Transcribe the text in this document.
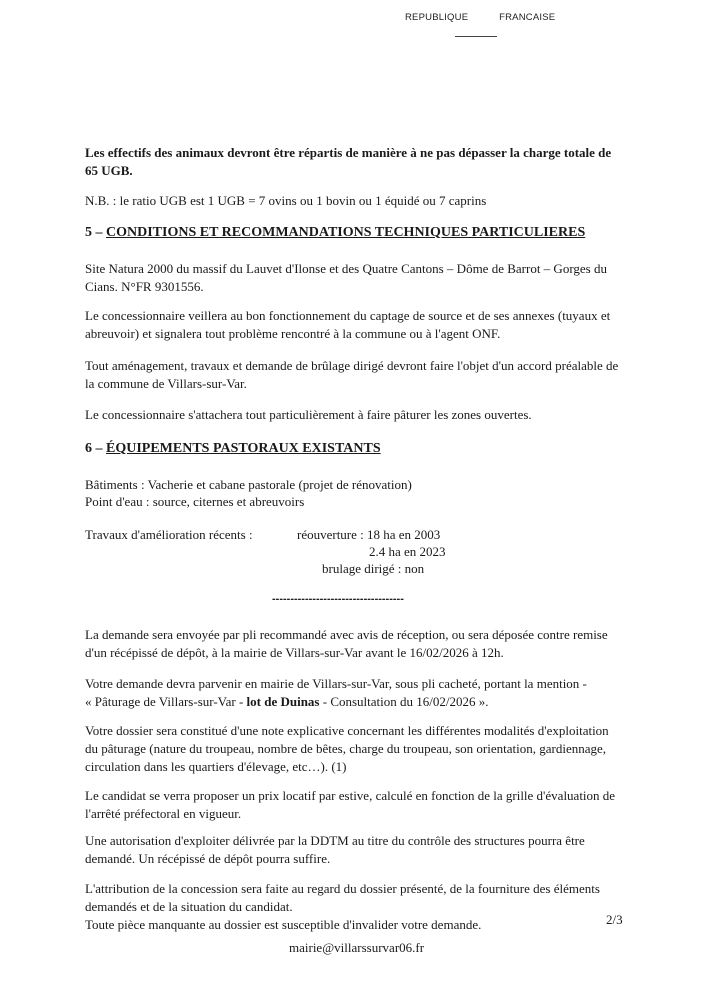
REPUBLIQUE	FRANCAISE

Les effectifs des animaux devront être répartis de manière à ne pas dépasser la charge totale de 65 UGB.

N.B. : le ratio UGB est 1 UGB = 7 ovins ou 1 bovin ou 1 équidé ou 7 caprins

5 – CONDITIONS ET RECOMMANDATIONS TECHNIQUES PARTICULIERES

Site Natura 2000 du massif du Lauvet d'Ilonse et des Quatre Cantons – Dôme de Barrot – Gorges du Cians. N°FR 9301556.

Le concessionnaire veillera au bon fonctionnement du captage de source et de ses annexes (tuyaux et abreuvoir) et signalera tout problème rencontré à la commune ou à l'agent ONF.

Tout aménagement, travaux et demande de brûlage dirigé devront faire l'objet d'un accord préalable de la commune de Villars-sur-Var.

Le concessionnaire s'attachera tout particulièrement à faire pâturer les zones ouvertes.

6 – ÉQUIPEMENTS PASTORAUX EXISTANTS
Bâtiments : Vacherie et cabane pastorale (projet de rénovation)
Point d'eau : source, citernes et abreuvoirs
Travaux d'amélioration récents :	réouverture : 18 ha en 2003
2.4 ha en 2023
brulage dirigé : non
------------------------------------

La demande sera envoyée par pli recommandé avec avis de réception, ou sera déposée contre remise d'un récépissé de dépôt, à la mairie de Villars-sur-Var avant le 16/02/2026 à 12h.

Votre demande devra parvenir en mairie de Villars-sur-Var, sous pli cacheté, portant la mention -
« Pâturage de Villars-sur-Var - lot de Duinas - Consultation du 16/02/2026 ».

Votre dossier sera constitué d'une note explicative concernant les différentes modalités d'exploitation du pâturage (nature du troupeau, nombre de bêtes, charge du troupeau, son orientation, gardiennage, circulation dans les quartiers d'élevage, etc…). (1)

Le candidat se verra proposer un prix locatif par estive, calculé en fonction de la grille d'évaluation de l'arrêté préfectoral en vigueur.

Une autorisation d'exploiter délivrée par la DDTM au titre du contrôle des structures pourra être demandé. Un récépissé de dépôt pourra suffire.

L'attribution de la concession sera faite au regard du dossier présenté, de la fourniture des éléments demandés et de la situation du candidat.

Toute pièce manquante au dossier est susceptible d'invalider votre demande.	2/3
mairie@villarssurvar06.fr
